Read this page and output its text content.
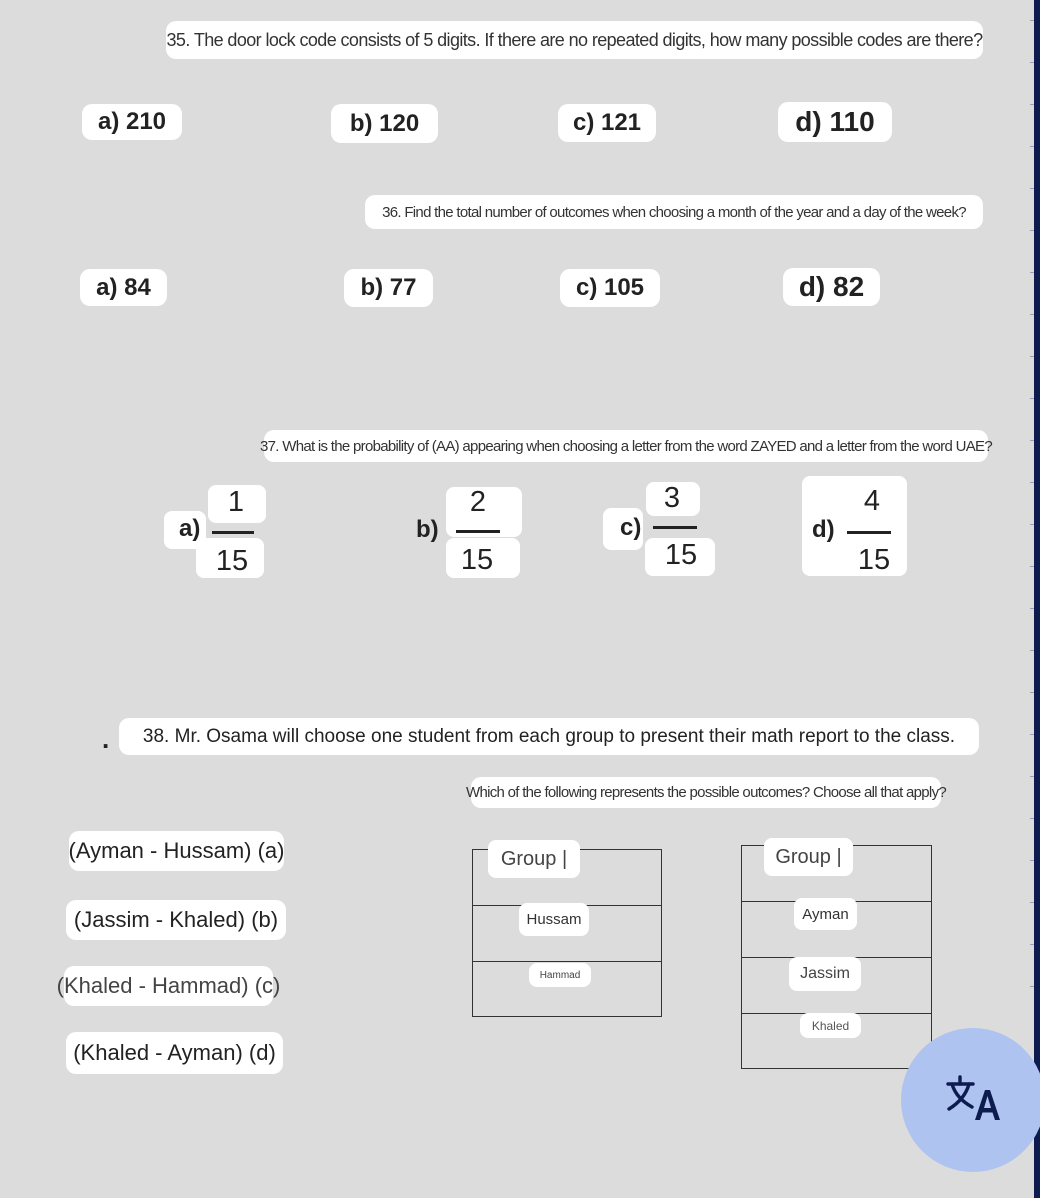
35. The door lock code consists of 5 digits. If there are no repeated digits, how many possible codes are there?
a) 210	b) 120	c) 121	d) 110
36. Find the total number of outcomes when choosing a month of the year and a day of the week?
a) 84	b) 77	c) 105	d) 82
37. What is the probability of (AA) appearing when choosing a letter from the word ZAYED and a letter from the word UAE?
a)
1
15
b)
2
15
c)
3
15
d)
4
15
.	38. Mr. Osama will choose one student from each group to present their math report to the class.
Which of the following represents the possible outcomes? Choose all that apply?
(Ayman - Hussam) (a)
(Jassim - Khaled) (b)
(Khaled - Hammad) (c)
(Khaled - Ayman) (d)
Group |
Hussam
Hammad
Group |
Ayman
Jassim
Khaled
